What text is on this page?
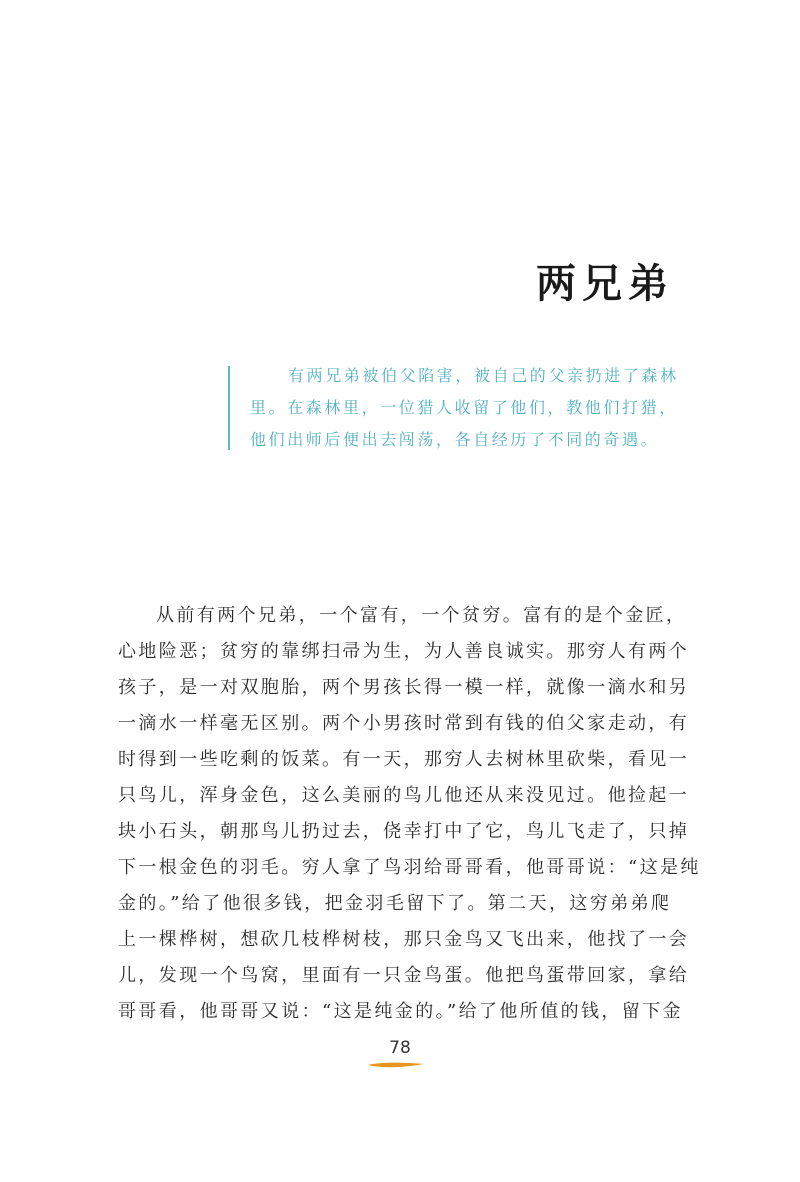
两兄弟
有两兄弟被伯父陷害，被自己的父亲扔进了森林
里。在森林里，一位猎人收留了他们，教他们打猎，
他们出师后便出去闯荡，各自经历了不同的奇遇。
从前有两个兄弟，一个富有，一个贫穷。富有的是个金匠，
心地险恶；贫穷的靠绑扫帚为生，为人善良诚实。那穷人有两个
孩子，是一对双胞胎，两个男孩长得一模一样，就像一滴水和另
一滴水一样毫无区别。两个小男孩时常到有钱的伯父家走动，有
时得到一些吃剩的饭菜。有一天，那穷人去树林里砍柴，看见一
只鸟儿，浑身金色，这么美丽的鸟儿他还从来没见过。他捡起一
块小石头，朝那鸟儿扔过去，侥幸打中了它，鸟儿飞走了，只掉
下一根金色的羽毛。穷人拿了鸟羽给哥哥看，他哥哥说：“这是纯
金的。”给了他很多钱，把金羽毛留下了。第二天，这穷弟弟爬
上一棵桦树，想砍几枝桦树枝，那只金鸟又飞出来，他找了一会
儿，发现一个鸟窝，里面有一只金鸟蛋。他把鸟蛋带回家，拿给
哥哥看，他哥哥又说：“这是纯金的。”给了他所值的钱，留下金
78
